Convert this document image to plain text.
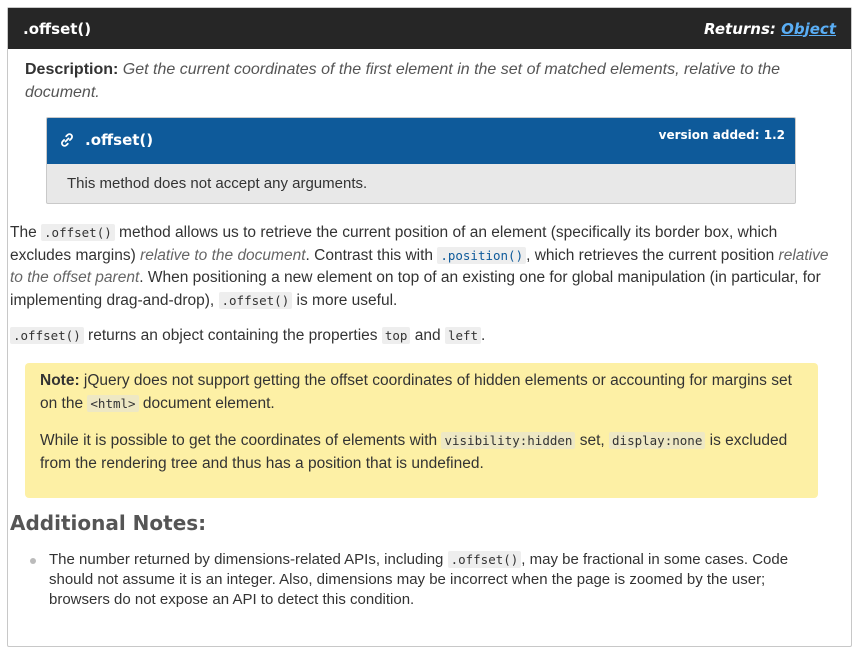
.offset()	Returns: Object
Description: Get the current coordinates of the first element in the set of matched elements, relative to the document.
.offset()	version added: 1.2
This method does not accept any arguments.
The .offset() method allows us to retrieve the current position of an element (specifically its border box, which excludes margins) relative to the document. Contrast this with .position() , which retrieves the current position relative to the offset parent. When positioning a new element on top of an existing one for global manipulation (in particular, for implementing drag-and-drop), .offset() is more useful.
.offset() returns an object containing the properties top and left .

Note: jQuery does not support getting the offset coordinates of hidden elements or accounting for margins set on the <html> document element.

While it is possible to get the coordinates of elements with visibility:hidden set, display:none is excluded from the rendering tree and thus has a position that is undefined.

Additional Notes:
The number returned by dimensions-related APIs, including .offset() , may be fractional in some cases. Code should not assume it is an integer. Also, dimensions may be incorrect when the page is zoomed by the user; browsers do not expose an API to detect this condition.
